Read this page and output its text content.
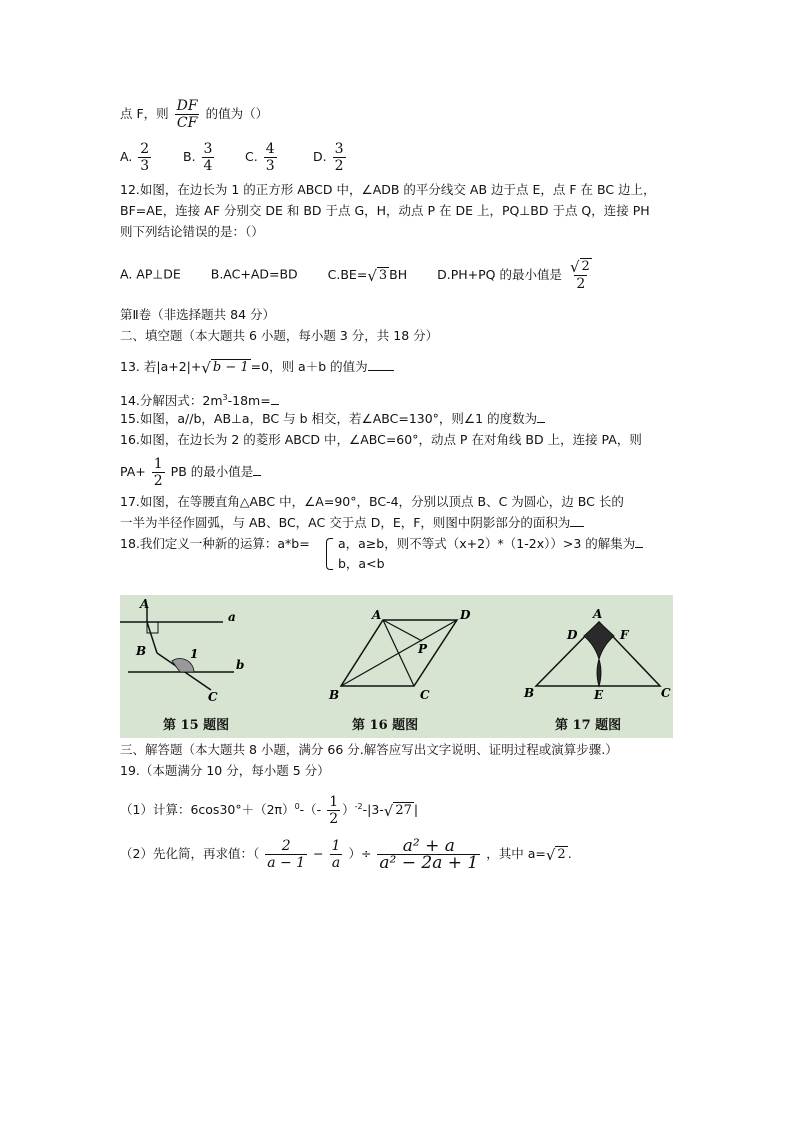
点 F，则 $\frac{DF}{CF}$ 的值为（）
A. $\frac{2}{3}$	B. $\frac{3}{4} C$. $\frac{4}{3}$	D. $\frac{3}{2}$
12.如图，在边长为 1 的正方形 ABCD 中，∠ADB 的平分线交 AB 边于点 E，点 F 在 BC 边上，
BF=AE，连接 AF 分别交 DE 和 BD 于点 G，H，动点 P 在 DE 上，PQ⊥BD 于点 Q，连接 PH
则下列结论错误的是：（）
A. AP⊥DE B.AC+AD=BD C.BE= √ 3 BH D.PH+PQ 的最小值是 $\frac{√ 2}{2}$
第Ⅱ卷（非选择题共 84 分）
二、填空题（本大题共 6 小题，每小题 3 分，共 18 分）
13. 若|a+2|+ √ b − 1 =0，则 a＋b 的值为
14.分解因式：$2m^3-18m=$
15.如图，a//b，AB⊥a，BC 与 b 相交，若∠ABC=130°，则∠1 的度数为
16.如图，在边长为 2 的菱形 ABCD 中，∠ABC=60°，动点 P 在对角线 BD 上，连接 PA，则
$PA+ \frac{1}{2}$ PB 的最小值是
17.如图，在等腰直角△ABC 中，∠A=90°，BC-4，分别以顶点 B、C 为圆心，边 BC 长的
一半为半径作圆弧，与 AB、BC，AC 交于点 D，E，F，则图中阴影部分的面积为
18.我们定义一种新的运算：a*b= a，a≥b，则不等式（x+2）*（1-2x））>3 的解集为
b，a<b
A
a
B	1
b
C
A	D
P
B	C
A
D	F
B	E	C
第 15 题图	第 16 题图	第 17 题图
三、解答题（本大题共 8 小题，满分 66 分.解答应写出文字说明、证明过程或演算步骤.）
19.（本题满分 10 分，每小题 5 分）
（1）计算：$6\cos 30^\circ+(2\pi)^0-(- \frac{1}{2} )^{-2}-|3-$ √ 27 |
（2）先化简，再求值：（ $\frac{2}{a - 1} - \frac{1}{a}$ ）÷ $\frac{\text{a² + a}}{\text{a² − 2a + 1}}$ ，其中 a= √ 2 .
